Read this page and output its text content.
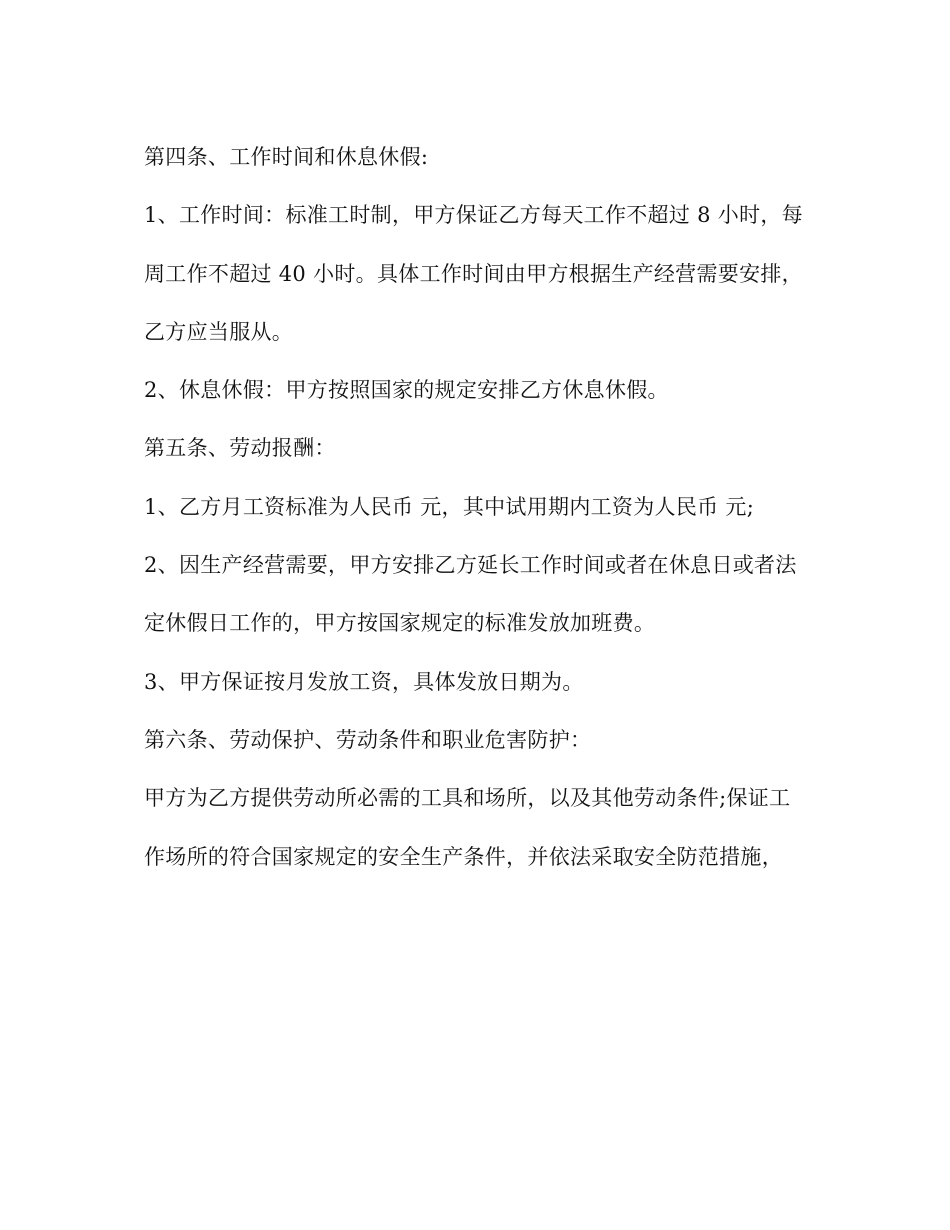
第四条、工作时间和休息休假:

1、工作时间：标准工时制，甲方保证乙方每天工作不超过 8 小时，每

周工作不超过 40 小时。具体工作时间由甲方根据生产经营需要安排，

乙方应当服从。

2、休息休假：甲方按照国家的规定安排乙方休息休假。

第五条、劳动报酬：

1、乙方月工资标准为人民币 元，其中试用期内工资为人民币 元;

2、因生产经营需要，甲方安排乙方延长工作时间或者在休息日或者法

定休假日工作的，甲方按国家规定的标准发放加班费。

3、甲方保证按月发放工资，具体发放日期为。

第六条、劳动保护、劳动条件和职业危害防护：

甲方为乙方提供劳动所必需的工具和场所，以及其他劳动条件;保证工

作场所的符合国家规定的安全生产条件，并依法采取安全防范措施，
